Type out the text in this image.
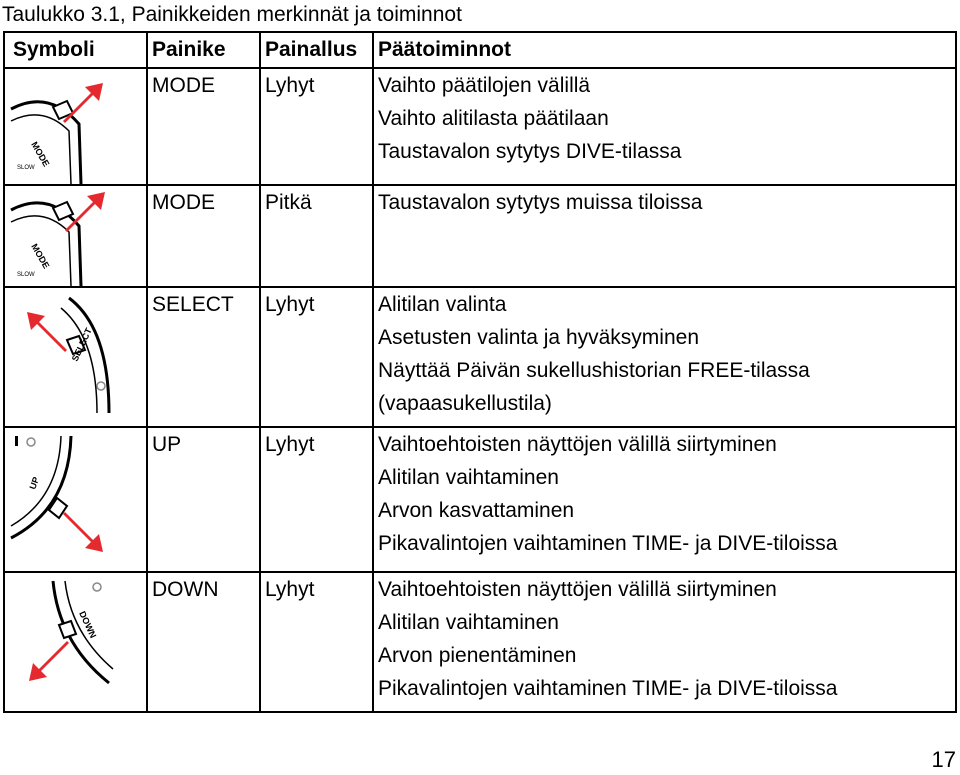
Taulukko 3.1, Painikkeiden merkinnät ja toiminnot
Symboli	Painike	Painallus	Päätoiminnot

MODE
SLOW	MODE	Lyhyt	Vaihto päätilojen välillä
Vaihto alitilasta päätilaan
Taustavalon sytytys DIVE-tilassa

MODE
SLOW	MODE	Pitkä	Taustavalon sytytys muissa tiloissa

SELECT	SELECT	Lyhyt	Alitilan valinta
Asetusten valinta ja hyväksyminen
Näyttää Päivän sukellushistorian FREE-tilassa
(vapaasukellustila)

UP	UP	Lyhyt	Vaihtoehtoisten näyttöjen välillä siirtyminen
Alitilan vaihtaminen
Arvon kasvattaminen
Pikavalintojen vaihtaminen TIME- ja DIVE-tiloissa

DOWN	DOWN	Lyhyt	Vaihtoehtoisten näyttöjen välillä siirtyminen
Alitilan vaihtaminen
Arvon pienentäminen
Pikavalintojen vaihtaminen TIME- ja DIVE-tiloissa
17
